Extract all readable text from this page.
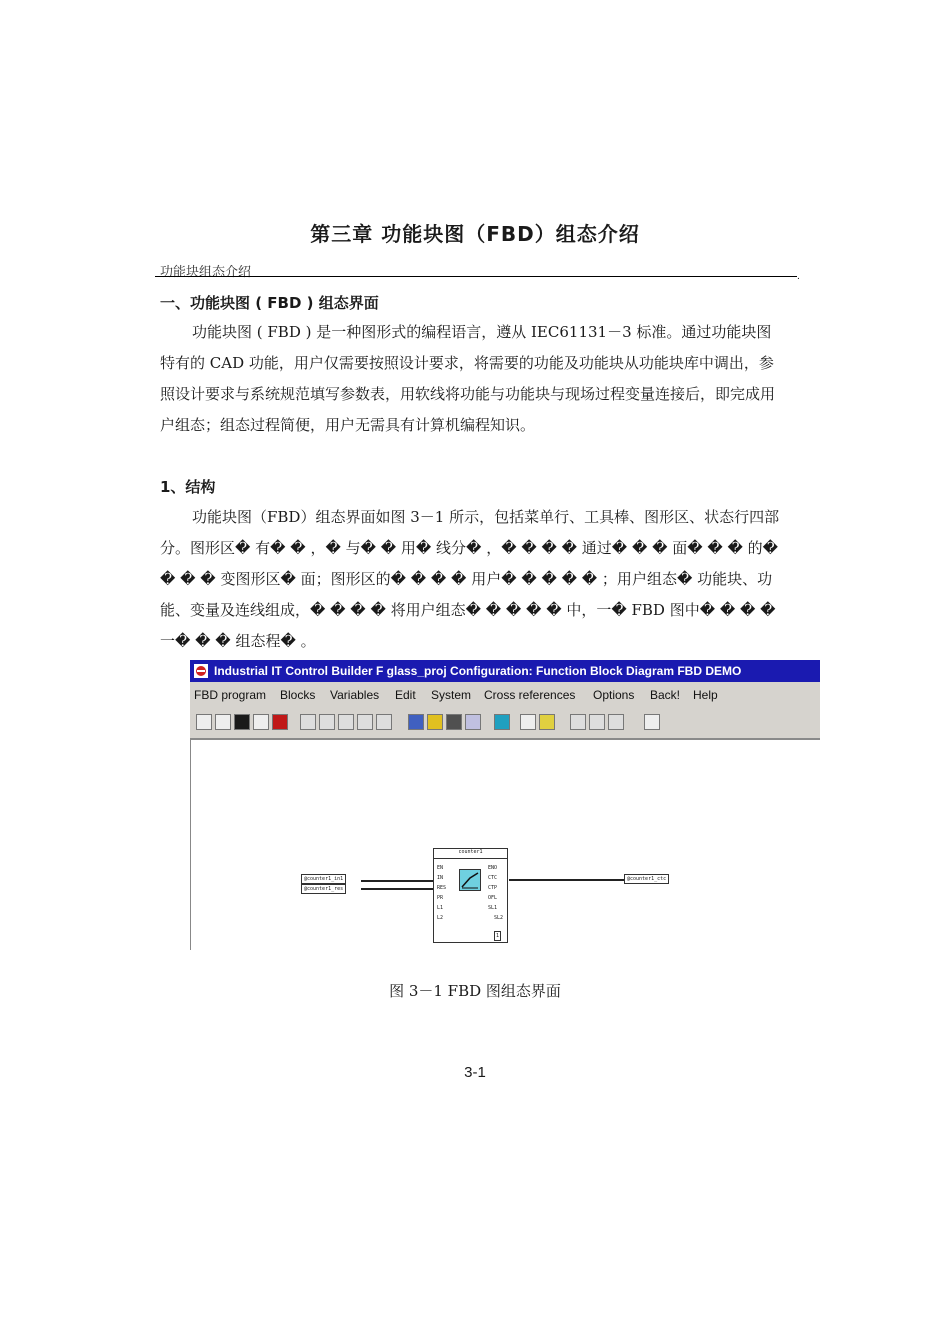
第三章 功能块图（FBD）组态介绍
功能块组态介绍	.
一、功能块图 ( FBD ) 组态界面

功能块图 ( FBD ) 是一种图形式的编程语言，遵从 IEC61131－3 标准。通过功能块图特有的 CAD 功能，用户仅需要按照设计要求，将需要的功能及功能块从功能块库中调出，参照设计要求与系统规范填写参数表，用软线将功能与功能块与现场过程变量连接后，即完成用户组态；组态过程简便，用户无需具有计算机编程知识。

1、结构

功能块图（FBD）组态界面如图 3－1 所示，包括菜单行、工具棒、图形区、状态行四部分。图形区� 有� � ，� 与� � 用� 线分� ，� � � � 通过� � � 面� � � 的� � � � 变图形区� 面；图形区的� � � � 用户� � � � � ；用户组态� 功能块、功能、变量及连线组成，� � � � 将用户组态� � � � � 中，一� FBD 图中� � � � 一� � � 组态程� 。

Industrial IT Control Builder F glass_proj Configuration: Function Block Diagram FBD DEMO
FBD program Blocks Variables Edit System Cross references Options Back! Help
@counter1_in1
@counter1_res
@counter1_ctc
counter1
EN
IN
RES
PR
L1
L2
ENO
CTC
CTP
OFL
SL1
SL2
1
图 3－1 FBD 图组态界面
3-1
